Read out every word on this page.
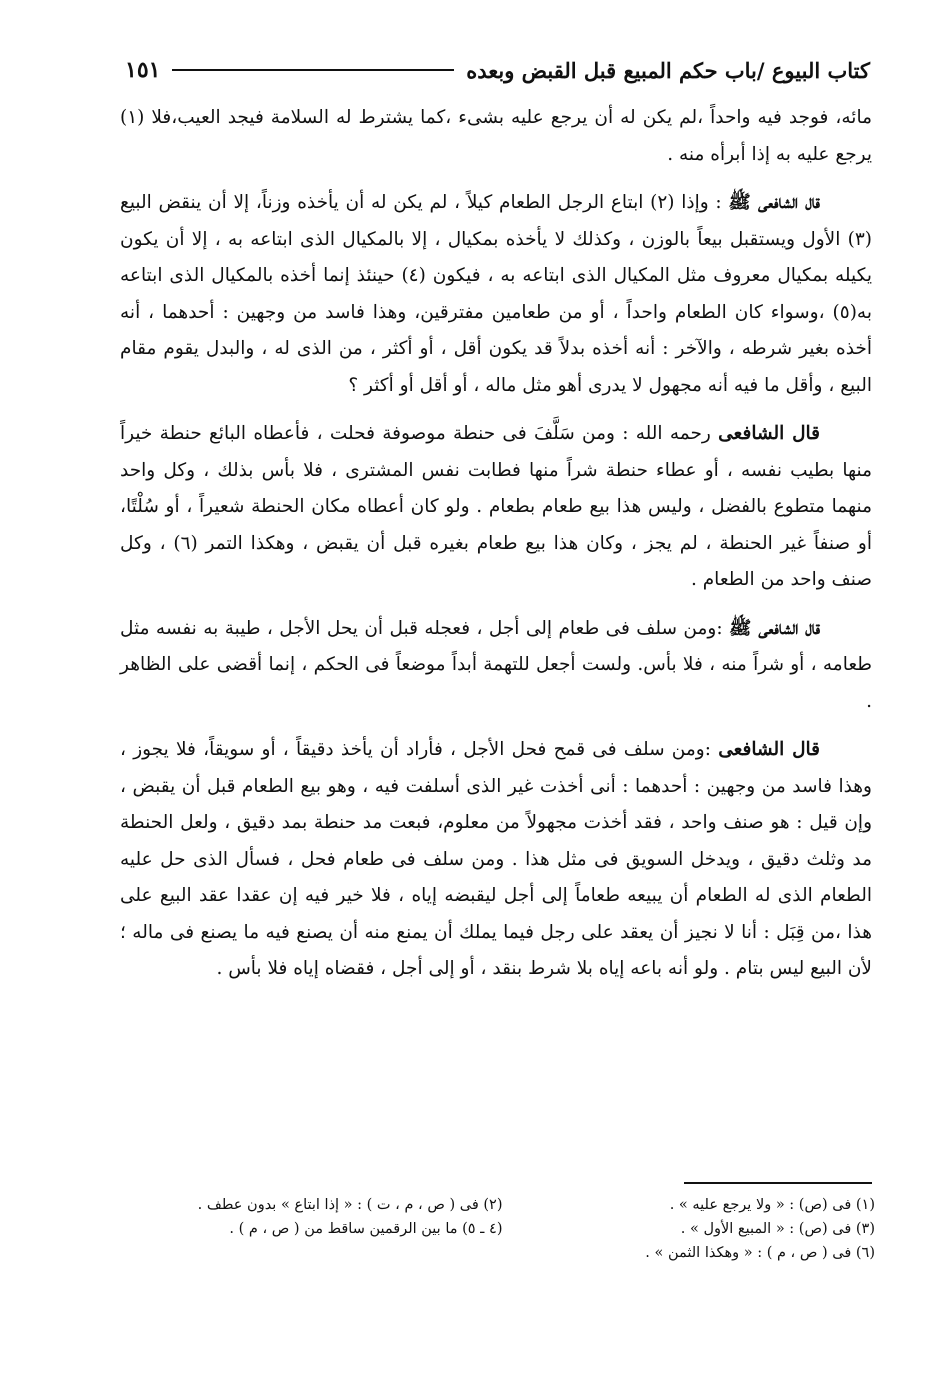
كتاب البيوع /باب حكم المبيع قبل القبض وبعده
١٥١

مائه، فوجد فيه واحداً ،لم يكن له أن يرجع عليه بشىء ،كما يشترط له السلامة فيجد العيب،فلا (١) يرجع عليه به إذا أبرأه منه .

قال الشافعى ﷺ : وإذا (٢) ابتاع الرجل الطعام كيلاً ، لم يكن له أن يأخذه وزناً، إلا أن ينقض البيع (٣) الأول ويستقبل بيعاً بالوزن ، وكذلك لا يأخذه بمكيال ، إلا بالمكيال الذى ابتاعه به ، إلا أن يكون يكيله بمكيال معروف مثل المكيال الذى ابتاعه به ، فيكون (٤) حينئذ إنما أخذه بالمكيال الذى ابتاعه به(٥) ،وسواء كان الطعام واحداً ، أو من طعامين مفترقين، وهذا فاسد من وجهين : أحدهما ، أنه أخذه بغير شرطه ، والآخر : أنه أخذه بدلاً قد يكون أقل ، أو أكثر ، من الذى له ، والبدل يقوم مقام البيع ، وأقل ما فيه أنه مجهول لا يدرى أهو مثل ماله ، أو أقل أو أكثر ؟

قال الشافعى رحمه الله : ومن سَلَّفَ فى حنطة موصوفة فحلت ، فأعطاه البائع حنطة خيراً منها بطيب نفسه ، أو عطاء حنطة شراً منها فطابت نفس المشترى ، فلا بأس بذلك ، وكل واحد منهما متطوع بالفضل ، وليس هذا بيع طعام بطعام . ولو كان أعطاه مكان الحنطة شعيراً ، أو سُلْتًا، أو صنفاً غير الحنطة ، لم يجز ، وكان هذا بيع طعام بغيره قبل أن يقبض ، وهكذا التمر (٦) ، وكل صنف واحد من الطعام .

قال الشافعى ﷺ :ومن سلف فى طعام إلى أجل ، فعجله قبل أن يحل الأجل ، طيبة به نفسه مثل طعامه ، أو شراً منه ، فلا بأس. ولست أجعل للتهمة أبداً موضعاً فى الحكم ، إنما أقضى على الظاهر .

قال الشافعى :ومن سلف فى قمح فحل الأجل ، فأراد أن يأخذ دقيقاً ، أو سويقاً، فلا يجوز ، وهذا فاسد من وجهين : أحدهما : أنى أخذت غير الذى أسلفت فيه ، وهو بيع الطعام قبل أن يقبض ، وإن قيل : هو صنف واحد ، فقد أخذت مجهولاً من معلوم، فبعت مد حنطة بمد دقيق ، ولعل الحنطة مد وثلث دقيق ، ويدخل السويق فى مثل هذا . ومن سلف فى طعام فحل ، فسأل الذى حل عليه الطعام الذى له الطعام أن يبيعه طعاماً إلى أجل ليقبضه إياه ، فلا خير فيه إن عقدا عقد البيع على هذا ،من قِبَل : أنا لا نجيز أن يعقد على رجل فيما يملك أن يمنع منه أن يصنع فيه ما يصنع فى ماله ؛ لأن البيع ليس بتام . ولو أنه باعه إياه بلا شرط بنقد ، أو إلى أجل ، فقضاه إياه فلا بأس .

(١) فى (ص) : « ولا يرجع عليه » .
(٢) فى ( ص ، م ، ت ) : « إذا ابتاع » بدون عطف .
(٣) فى (ص) : « المبيع الأول » .
(٤ ـ ٥) ما بين الرقمين ساقط من ( ص ، م ) .
(٦) فى ( ص ، م ) : « وهكذا الثمن » .
